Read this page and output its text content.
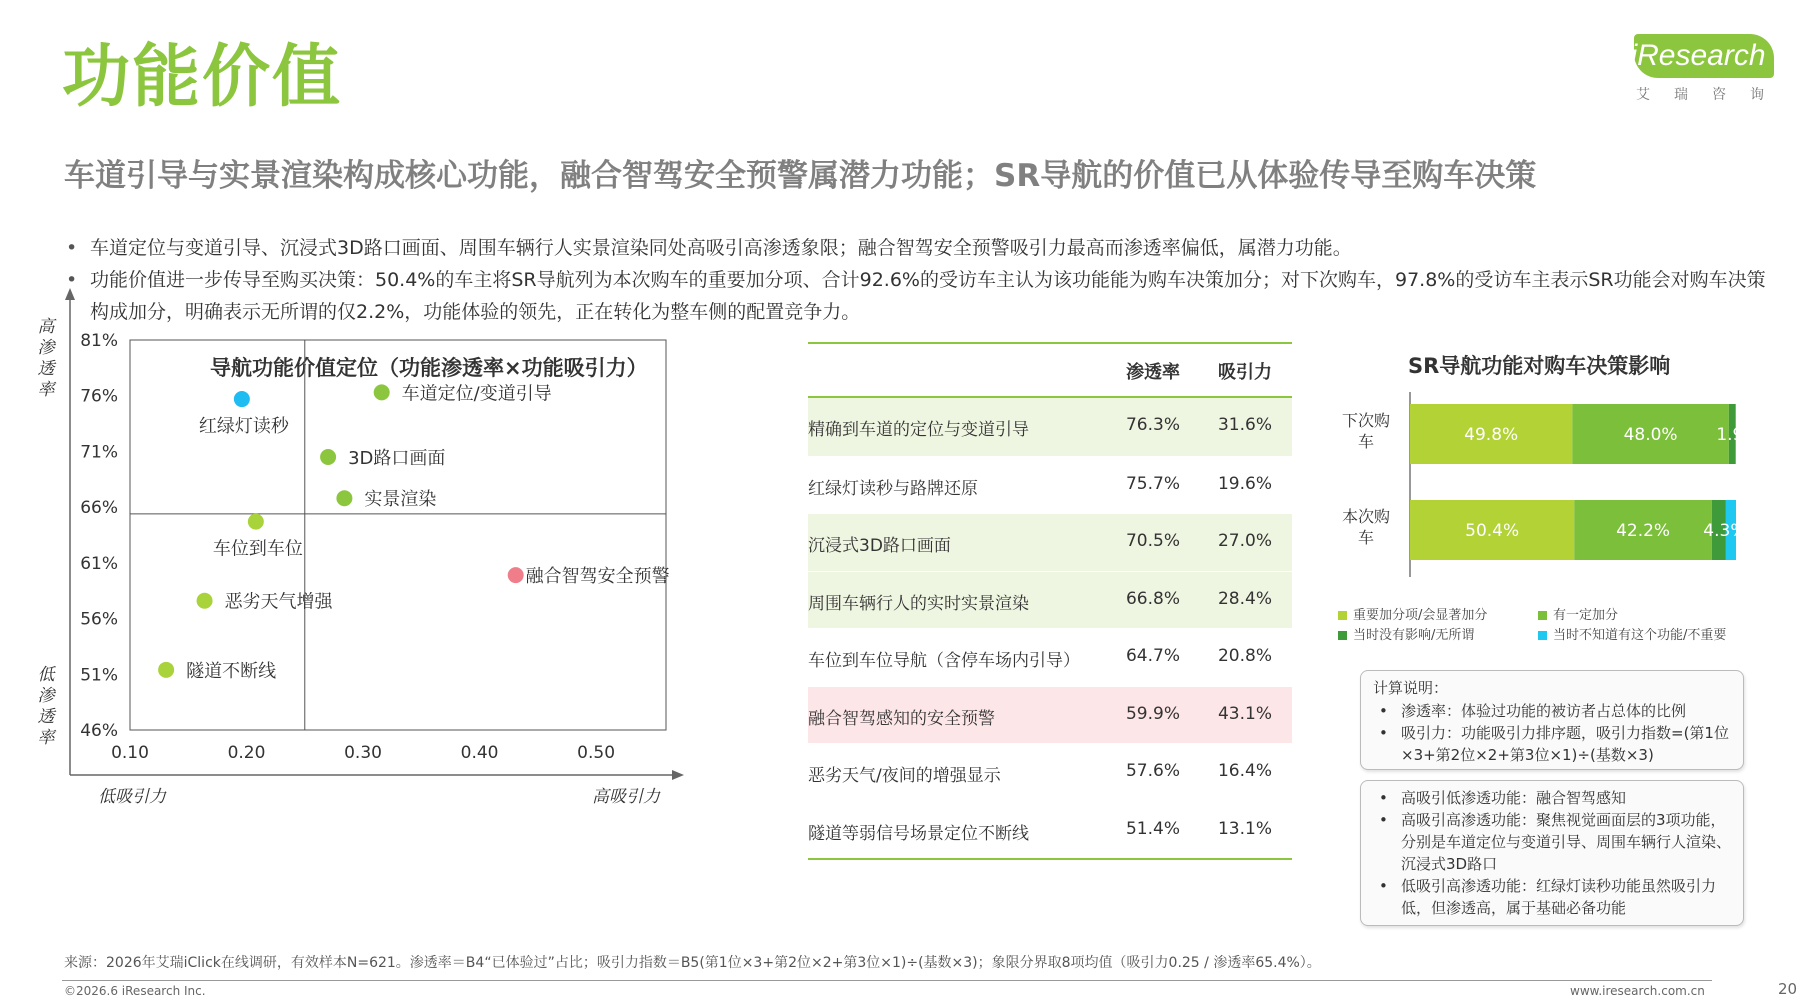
功能价值
车道引导与实景渲染构成核心功能，融合智驾安全预警属潜力功能；SR导航的价值已从体验传导至购车决策
iResearch
艾瑞咨询
• 车道定位与变道引导、沉浸式3D路口画面、周围车辆行人实景渲染同处高吸引高渗透象限；融合智驾安全预警吸引力最高而渗透率偏低，属潜力功能。
• 功能价值进一步传导至购买决策：50.4%的车主将SR导航列为本次购车的重要加分项、合计92.6%的受访车主认为该功能能为购车决策加分；对下次购车，97.8%的受访车主表示SR功能会对购车决策构成加分，明确表示无所谓的仅2.2%，功能体验的领先，正在转化为整车侧的配置竞争力。
导航功能价值定位（功能渗透率×功能吸引力）
46%
51%
56%
61%
66%
71%
76%
81%
0.10	0.20	0.30	0.40	0.50
高渗透率
低渗透率
低吸引力	高吸引力
车道定位/变道引导
红绿灯读秒
3D路口画面
实景渲染
车位到车位
融合智驾安全预警
恶劣天气增强
隧道不断线
渗透率	吸引力
精确到车道的定位与变道引导	76.3%	31.6%
红绿灯读秒与路牌还原	75.7%	19.6%
沉浸式3D路口画面	70.5%	27.0%
周围车辆行人的实时实景渲染	66.8%	28.4%
车位到车位导航（含停车场内引导）	64.7%	20.8%
融合智驾感知的安全预警	59.9%	43.1%
恶劣天气/夜间的增强显示	57.6%	16.4%
隧道等弱信号场景定位不断线	51.4%	13.1%
SR导航功能对购车决策影响
49.8%	48.0% 1.9%
下次购
车
50.4%	42.2% 4.3%
本次购
车
重要加分项/会显著加分	有一定加分
当时没有影响/无所谓	当时不知道有这个功能/不重要
计算说明：
• 渗透率：体验过功能的被访者占总体的比例
• 吸引力：功能吸引力排序题，吸引力指数=(第1位×3+第2位×2+第3位×1)÷(基数×3)
• 高吸引低渗透功能：融合智驾感知
• 高吸引高渗透功能：聚焦视觉画面层的3项功能，分别是车道定位与变道引导、周围车辆行人渲染、沉浸式3D路口
• 低吸引高渗透功能：红绿灯读秒功能虽然吸引力低，但渗透高，属于基础必备功能
来源：2026年艾瑞iClick在线调研，有效样本N=621。渗透率＝B4“已体验过”占比；吸引力指数＝B5(第1位×3+第2位×2+第3位×1)÷(基数×3)；象限分界取8项均值（吸引力0.25 / 渗透率65.4%）。
©2026.6 iResearch Inc.	www.iresearch.com.cn	20
